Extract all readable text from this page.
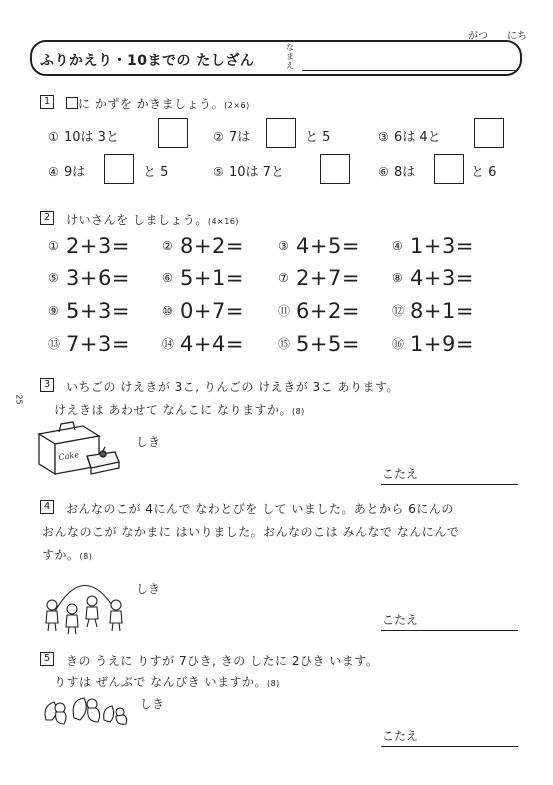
がつ にち
ふりかえり・10までの たしざん
な
ま
え
25
1	に かずを かきましょう。(2×6)
① 10は 3と	② 7は	と 5	③ 6は 4と
④ 9は	と 5	⑤ 10は 7と	⑥ 8は	と 6
2	けいさんを しましょう。(4×16)
① 2+3=	② 8+2=	③ 4+5=	④ 1+3=
⑤ 3+6=	⑥ 5+1=	⑦ 2+7=	⑧ 4+3=
⑨ 5+3=	⑩ 0+7=	⑪ 6+2=	⑫ 8+1=
⑬ 7+3=	⑭ 4+4=	⑮ 5+5=	⑯ 1+9=
3	いちごの けえきが 3こ, りんごの けえきが 3こ あります。
けえきは あわせて なんこに なりますか。(8)
Cake
しき
こたえ
4	おんなのこが 4にんで なわとびを して いました。あとから 6にんの
おんなのこが なかまに はいりました。おんなのこは みんなで なんにんで
すか。(8)
しき
こたえ
5	きの うえに りすが 7ひき, きの したに 2ひき います。
りすは ぜんぶで なんびき いますか。(8)
しき
こたえ
